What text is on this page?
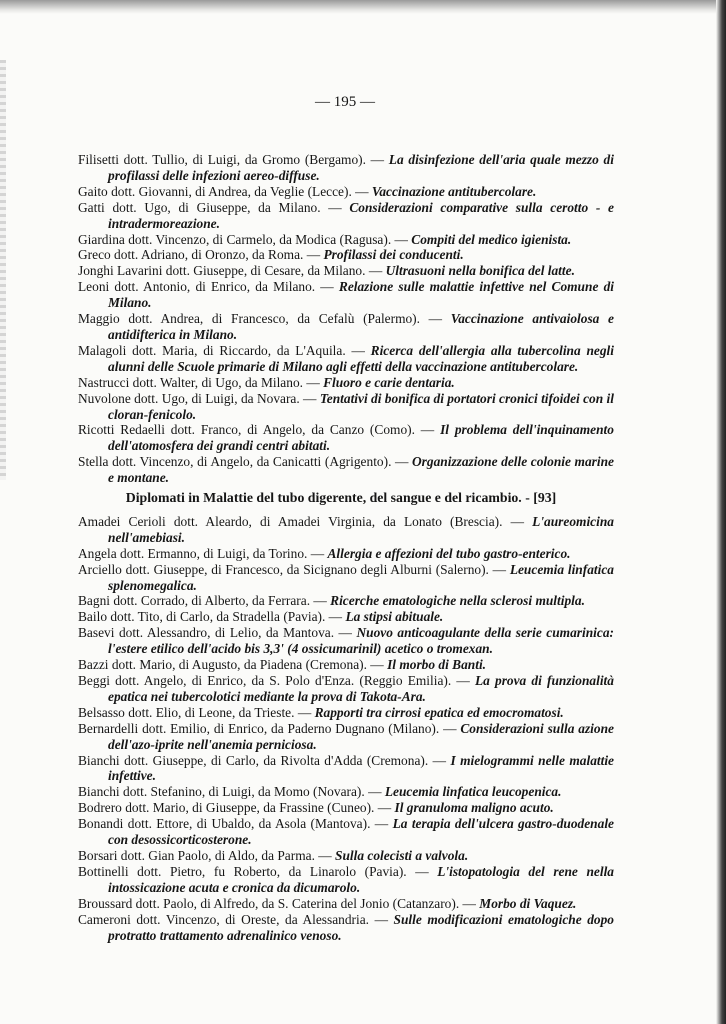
— 195 —
Filisetti dott. Tullio, di Luigi, da Gromo (Bergamo). — La disinfezione dell'aria quale mezzo di profilassi delle infezioni aereo-diffuse.
Gaito dott. Giovanni, di Andrea, da Veglie (Lecce). — Vaccinazione antitubercolare.
Gatti dott. Ugo, di Giuseppe, da Milano. — Considerazioni comparative sulla cerotto - e intradermoreazione.
Giardina dott. Vincenzo, di Carmelo, da Modica (Ragusa). — Compiti del medico igienista.
Greco dott. Adriano, di Oronzo, da Roma. — Profilassi dei conducenti.
Jonghi Lavarini dott. Giuseppe, di Cesare, da Milano. — Ultrasuoni nella bonifica del latte.
Leoni dott. Antonio, di Enrico, da Milano. — Relazione sulle malattie infettive nel Comune di Milano.
Maggio dott. Andrea, di Francesco, da Cefalù (Palermo). — Vaccinazione antivaiolosa e antidifterica in Milano.
Malagoli dott. Maria, di Riccardo, da L'Aquila. — Ricerca dell'allergia alla tubercolina negli alunni delle Scuole primarie di Milano agli effetti della vaccinazione antitubercolare.
Nastrucci dott. Walter, di Ugo, da Milano. — Fluoro e carie dentaria.
Nuvolone dott. Ugo, di Luigi, da Novara. — Tentativi di bonifica di portatori cronici tifoidei con il cloran-fenicolo.
Ricotti Redaelli dott. Franco, di Angelo, da Canzo (Como). — Il problema dell'inquinamento dell'atomosfera dei grandi centri abitati.
Stella dott. Vincenzo, di Angelo, da Canicatti (Agrigento). — Organizzazione delle colonie marine e montane.
Diplomati in Malattie del tubo digerente, del sangue e del ricambio. - [93]
Amadei Cerioli dott. Aleardo, di Amadei Virginia, da Lonato (Brescia). — L'aureomicina nell'amebiasi.
Angela dott. Ermanno, di Luigi, da Torino. — Allergia e affezioni del tubo gastro-enterico.
Arciello dott. Giuseppe, di Francesco, da Sicignano degli Alburni (Salerno). — Leucemia linfatica splenomegalica.
Bagni dott. Corrado, di Alberto, da Ferrara. — Ricerche ematologiche nella sclerosi multipla.
Bailo dott. Tito, di Carlo, da Stradella (Pavia). — La stipsi abituale.
Basevi dott. Alessandro, di Lelio, da Mantova. — Nuovo anticoagulante della serie cumarinica: l'estere etilico dell'acido bis 3,3' (4 ossicumarinil) acetico o tromexan.
Bazzi dott. Mario, di Augusto, da Piadena (Cremona). — Il morbo di Banti.
Beggi dott. Angelo, di Enrico, da S. Polo d'Enza. (Reggio Emilia). — La prova di funzionalità epatica nei tubercolotici mediante la prova di Takota-Ara.
Belsasso dott. Elio, di Leone, da Trieste. — Rapporti tra cirrosi epatica ed emocromatosi.
Bernardelli dott. Emilio, di Enrico, da Paderno Dugnano (Milano). — Considerazioni sulla azione dell'azo-iprite nell'anemia perniciosa.
Bianchi dott. Giuseppe, di Carlo, da Rivolta d'Adda (Cremona). — I mielogrammi nelle malattie infettive.
Bianchi dott. Stefanino, di Luigi, da Momo (Novara). — Leucemia linfatica leucopenica.
Bodrero dott. Mario, di Giuseppe, da Frassine (Cuneo). — Il granuloma maligno acuto.
Bonandi dott. Ettore, di Ubaldo, da Asola (Mantova). — La terapia dell'ulcera gastro-duodenale con desossicorticosterone.
Borsari dott. Gian Paolo, di Aldo, da Parma. — Sulla colecisti a valvola.
Bottinelli dott. Pietro, fu Roberto, da Linarolo (Pavia). — L'istopatologia del rene nella intossicazione acuta e cronica da dicumarolo.
Broussard dott. Paolo, di Alfredo, da S. Caterina del Jonio (Catanzaro). — Morbo di Vaquez.
Cameroni dott. Vincenzo, di Oreste, da Alessandria. — Sulle modificazioni ematologiche dopo protratto trattamento adrenalinico venoso.
